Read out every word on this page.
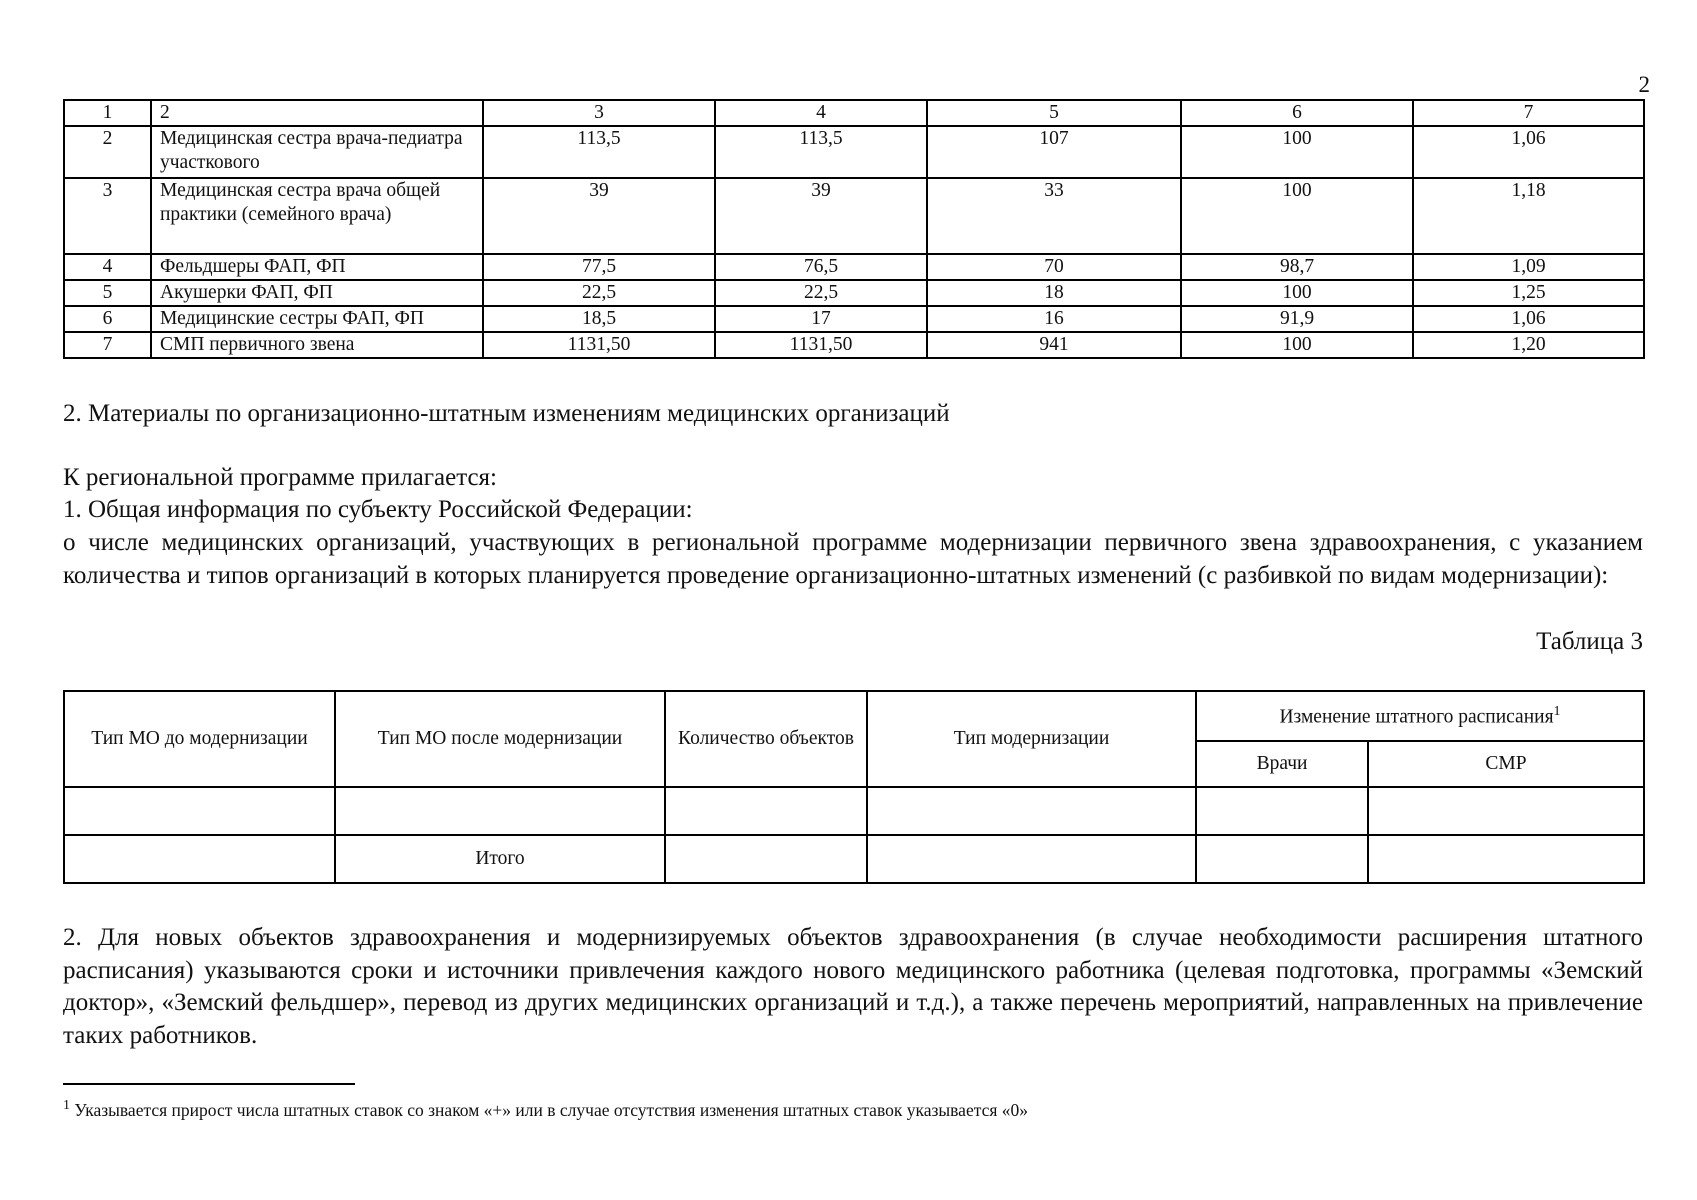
2
1	2	3	4	5	6	7
2	Медицинская сестра врача-педиатра участкового	113,5	113,5	107	100	1,06
3	Медицинская сестра врача общей практики (семейного врача)	39	39	33	100	1,18
4	Фельдшеры ФАП, ФП	77,5	76,5	70	98,7	1,09
5	Акушерки ФАП, ФП	22,5	22,5	18	100	1,25
6	Медицинские сестры ФАП, ФП	18,5	17	16	91,9	1,06
7	СМП первичного звена	1131,50	1131,50	941	100	1,20
2. Материалы по организационно-штатным изменениям медицинских организаций
К региональной программе прилагается:
1. Общая информация по субъекту Российской Федерации:
о числе медицинских организаций, участвующих в региональной программе модернизации первичного звена здравоохранения, с указанием количества и типов организаций в которых планируется проведение организационно-штатных изменений (с разбивкой по видам модернизации):
Таблица 3
Тип МО до модернизации	Тип МО после модернизации	Количество объектов	Тип модернизации	Изменение штатного расписания$^1$
				Врачи	СМР

	Итого				
2. Для новых объектов здравоохранения и модернизируемых объектов здравоохранения (в случае необходимости расширения штатного расписания) указываются сроки и источники привлечения каждого нового медицинского работника (целевая подготовка, программы «Земский доктор», «Земский фельдшер», перевод из других медицинских организаций и т.д.), а также перечень мероприятий, направленных на привлечение таких работников.
$^1$ Указывается прирост числа штатных ставок со знаком «+» или в случае отсутствия изменения штатных ставок указывается «0»
